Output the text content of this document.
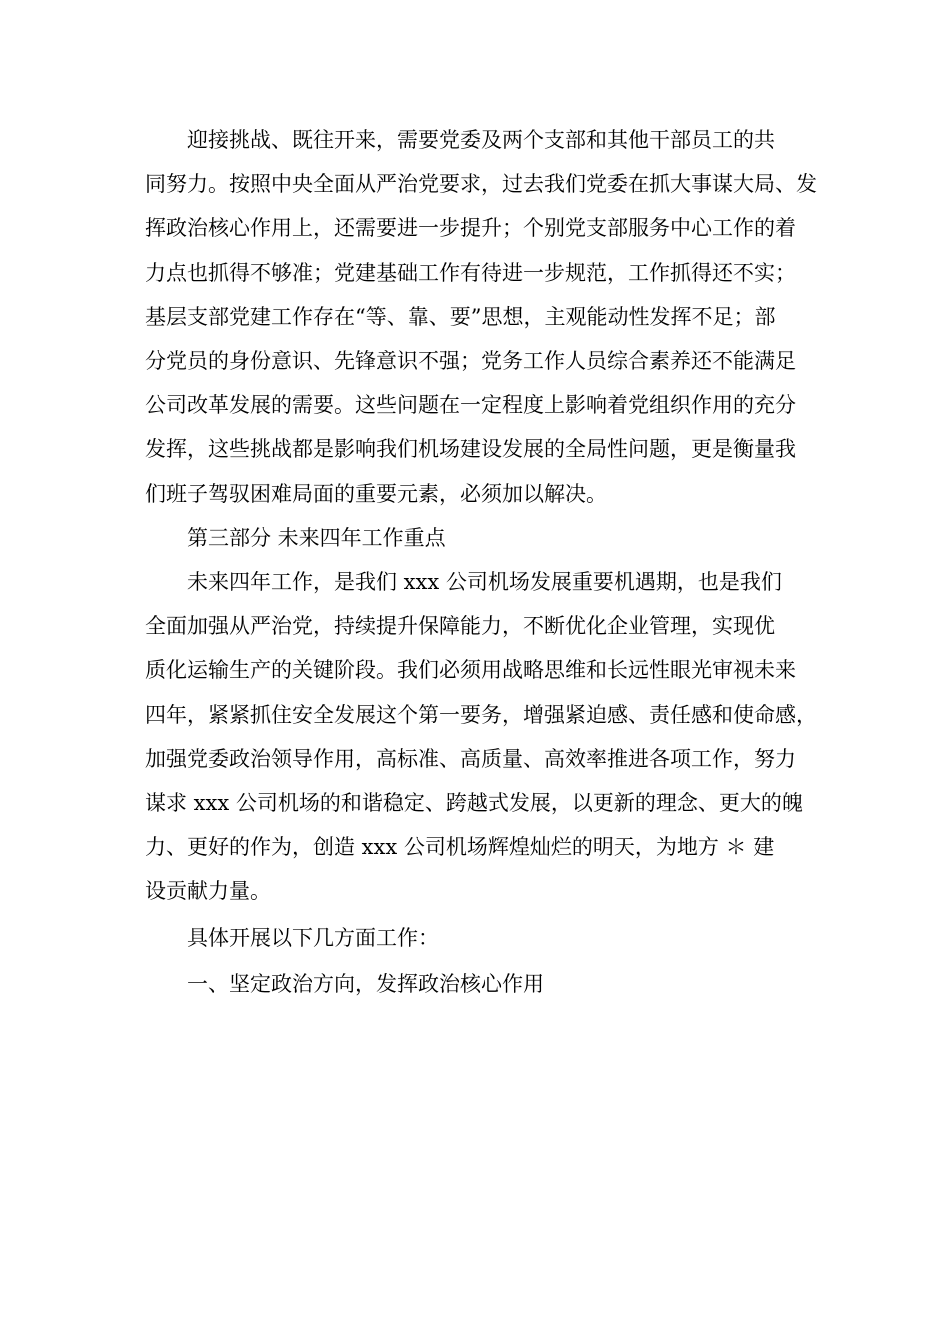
迎接挑战、既往开来，需要党委及两个支部和其他干部员工的共
同努力。按照中央全面从严治党要求，过去我们党委在抓大事谋大局、发
挥政治核心作用上，还需要进一步提升；个别党支部服务中心工作的着
力点也抓得不够准；党建基础工作有待进一步规范，工作抓得还不实；
基层支部党建工作存在“等、靠、要”思想，主观能动性发挥不足；部
分党员的身份意识、先锋意识不强；党务工作人员综合素养还不能满足
公司改革发展的需要。这些问题在一定程度上影响着党组织作用的充分
发挥，这些挑战都是影响我们机场建设发展的全局性问题，更是衡量我
们班子驾驭困难局面的重要元素，必须加以解决。

第三部分 未来四年工作重点

未来四年工作，是我们 xxx 公司机场发展重要机遇期，也是我们
全面加强从严治党，持续提升保障能力，不断优化企业管理，实现优
质化运输生产的关键阶段。我们必须用战略思维和长远性眼光审视未来
四年，紧紧抓住安全发展这个第一要务，增强紧迫感、责任感和使命感，
加强党委政治领导作用，高标准、高质量、高效率推进各项工作，努力
谋求 xxx 公司机场的和谐稳定、跨越式发展，以更新的理念、更大的魄
力、更好的作为，创造 xxx 公司机场辉煌灿烂的明天，为地方 ＊ 建
设贡献力量。

具体开展以下几方面工作：

一、坚定政治方向，发挥政治核心作用
